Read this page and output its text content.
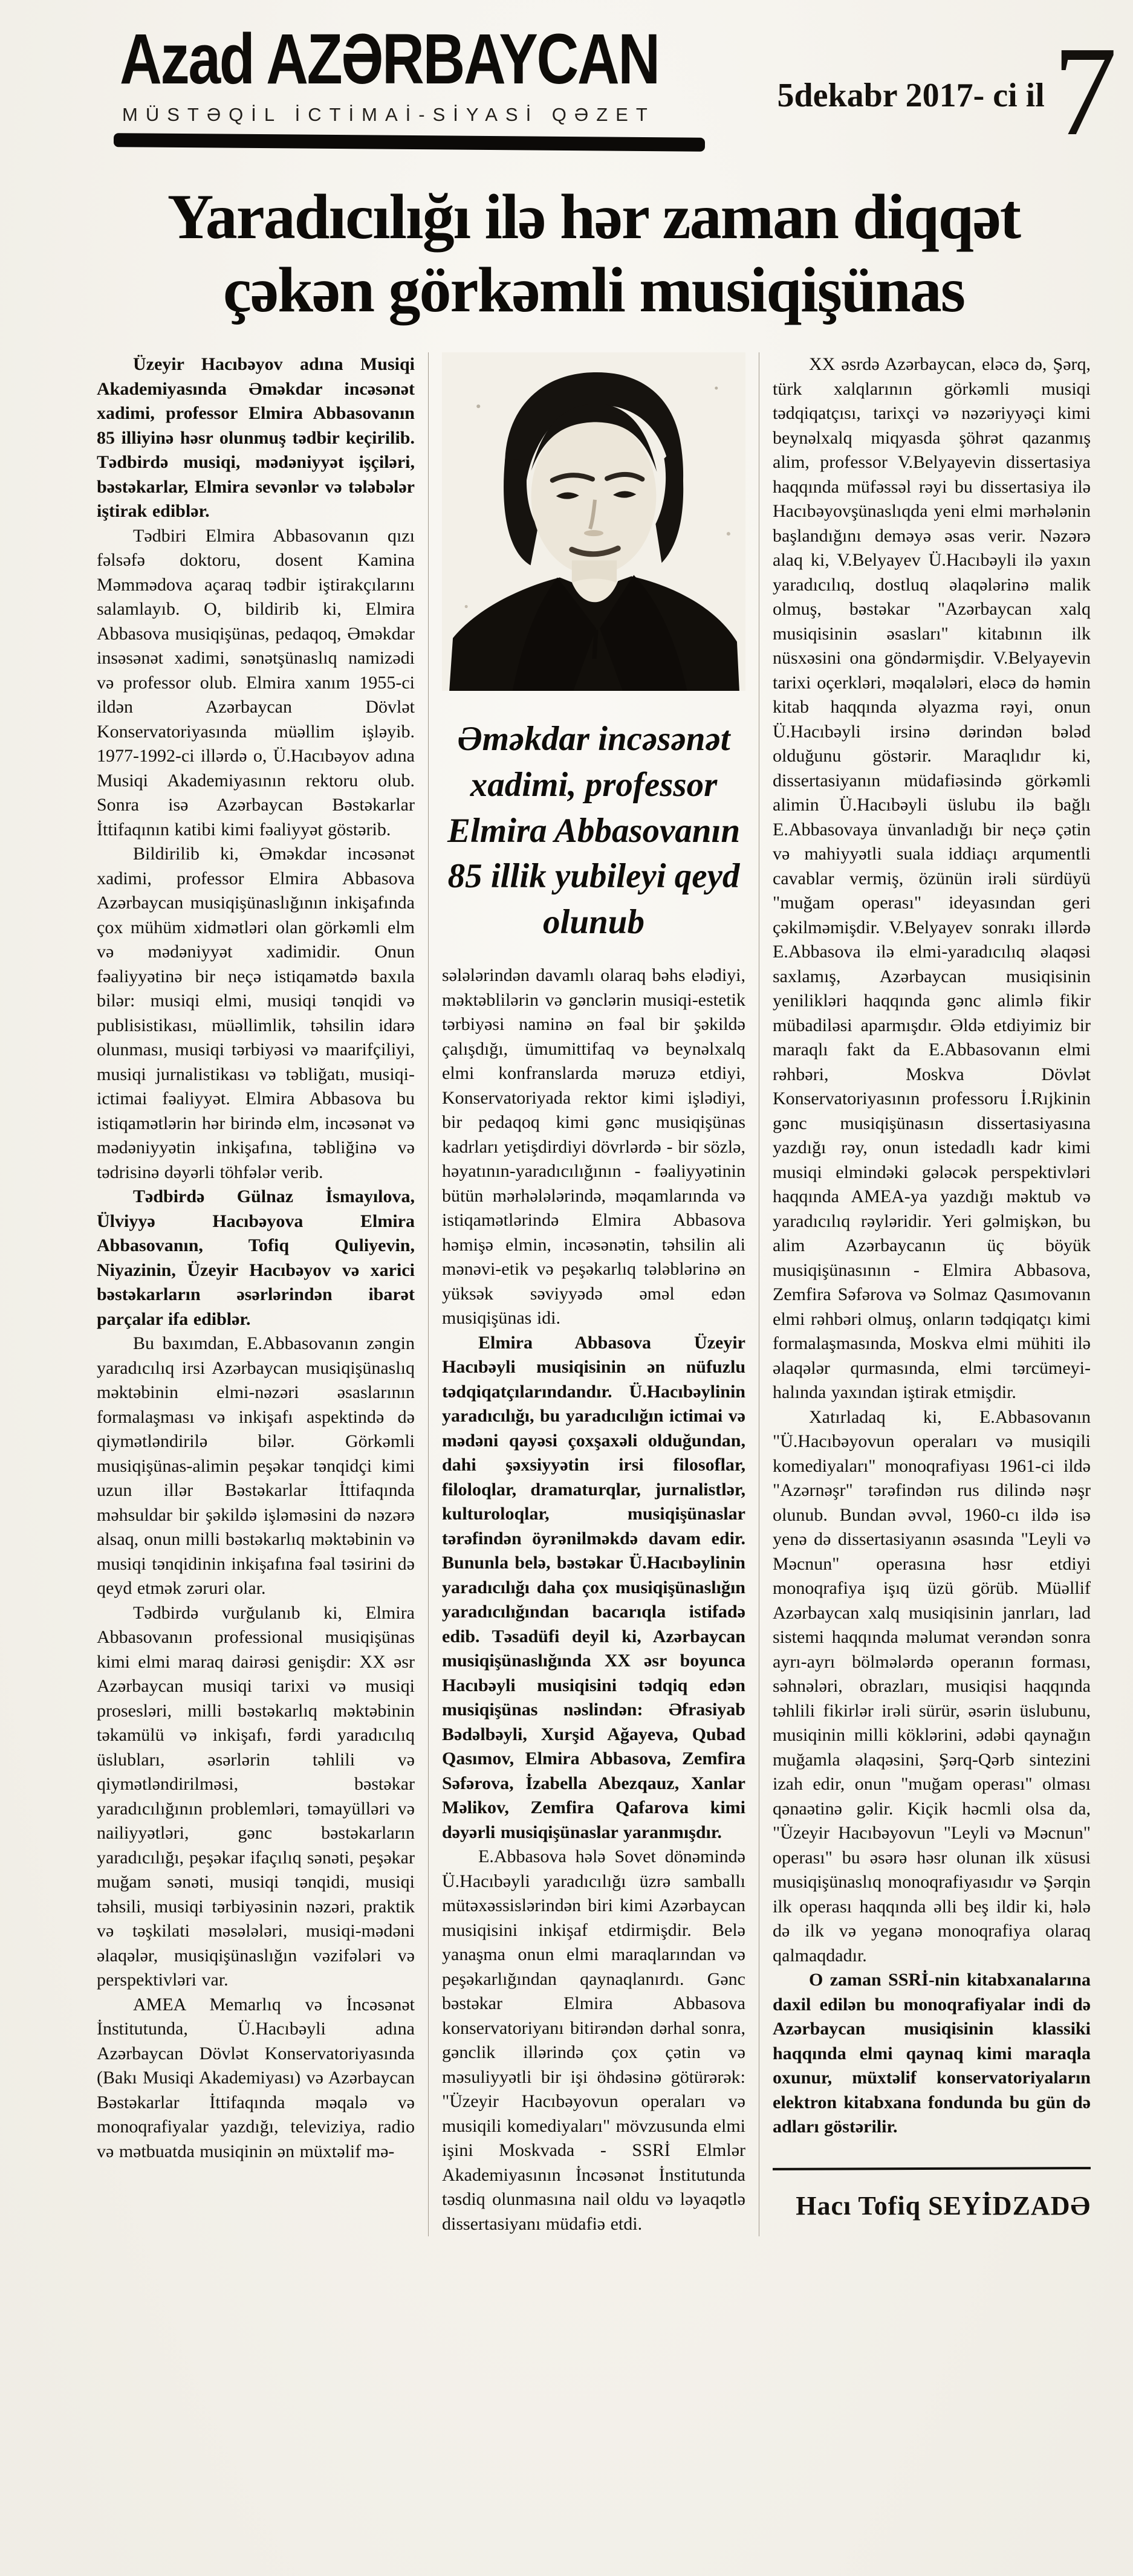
Azad AZƏRBAYCAN
MÜSTƏQİL İCTİMAİ-SİYASİ QƏZET
5dekabr 2017- ci il 7
Yaradıcılığı ilə hər zaman diqqət çəkən görkəmli musiqişünas

Üzeyir Hacıbəyov adına Musiqi Akademiyasında Əməkdar incəsənət xadimi, professor Elmira Abbasovanın 85 illiyinə həsr olunmuş tədbir keçirilib. Tədbirdə musiqi, mədəniyyət işçiləri, bəstəkarlar, Elmira sevənlər və tələbələr iştirak ediblər.

Tədbiri Elmira Abbasovanın qızı fəlsəfə doktoru, dosent Kamina Məmmədova açaraq tədbir iştirakçılarını salamlayıb. O, bildirib ki, Elmira Abbasova musiqişünas, pedaqoq, Əməkdar insəsənət xadimi, sənətşünaslıq namizədi və professor olub. Elmira xanım 1955-ci ildən Azərbaycan Dövlət Konservatoriyasında müəllim işləyib. 1977-1992-ci illərdə o, Ü.Hacıbəyov adına Musiqi Akademiyasının rektoru olub. Sonra isə Azərbaycan Bəstəkarlar İttifaqının katibi kimi fəaliyyət göstərib.

Bildirilib ki, Əməkdar incəsənət xadimi, professor Elmira Abbasova Azərbaycan musiqişünaslığının inkişafında çox mühüm xidmətləri olan görkəmli elm və mədəniyyət xadimidir. Onun fəaliyyətinə bir neçə istiqamətdə baxıla bilər: musiqi elmi, musiqi tənqidi və publisistikası, müəllimlik, təhsilin idarə olunması, musiqi tərbiyəsi və maarifçiliyi, musiqi jurnalistikası və təbliğatı, musiqi-ictimai fəaliyyət. Elmira Abbasova bu istiqamətlərin hər birində elm, incəsənət və mədəniyyətin inkişafına, təbliğinə və tədrisinə dəyərli töhfələr verib.

Tədbirdə Gülnaz İsmayılova, Ülviyyə Hacıbəyova Elmira Abbasovanın, Tofiq Quliyevin, Niyazinin, Üzeyir Hacıbəyov və xarici bəstəkarların əsərlərindən ibarət parçalar ifa ediblər.

Bu baxımdan, E.Abbasovanın zəngin yaradıcılıq irsi Azərbaycan musiqişünaslıq məktəbinin elmi-nəzəri əsaslarının formalaşması və inkişafı aspektində də qiymətləndirilə bilər. Görkəmli musiqişünas-alimin peşəkar tənqidçi kimi uzun illər Bəstəkarlar İttifaqında məhsuldar bir şəkildə işləməsini də nəzərə alsaq, onun milli bəstəkarlıq məktəbinin və musiqi tənqidinin inkişafına fəal təsirini də qeyd etmək zəruri olar.

Tədbirdə vurğulanıb ki, Elmira Abbasovanın professional musiqişünas kimi elmi maraq dairəsi genişdir: XX əsr Azərbaycan musiqi tarixi və musiqi prosesləri, milli bəstəkarlıq məktəbinin təkamülü və inkişafı, fərdi yaradıcılıq üslubları, əsərlərin təhlili və qiymətləndirilməsi, bəstəkar yaradıcılığının problemləri, təmayülləri və nailiyyətləri, gənc bəstəkarların yaradıcılığı, peşəkar ifaçılıq sənəti, peşəkar muğam sənəti, musiqi tənqidi, musiqi təhsili, musiqi tərbiyəsinin nəzəri, praktik və təşkilati məsələləri, musiqi-mədəni əlaqələr, musiqişünaslığın vəzifələri və perspektivləri var.

AMEA Memarlıq və İncəsənət İnstitutunda, Ü.Hacıbəyli adına Azərbaycan Dövlət Konservatoriyasında (Bakı Musiqi Akademiyası) və Azərbaycan Bəstəkarlar İttifaqında məqalə və monoqrafiyalar yazdığı, televiziya, radio və mətbuatda musiqinin ən müxtəlif mə-

Əməkdar incəsənət xadimi, professor Elmira Abbasovanın 85 illik yubileyi qeyd olunub

sələlərindən davamlı olaraq bəhs elədiyi, məktəblilərin və gənclərin musiqi-estetik tərbiyəsi naminə ən fəal bir şəkildə çalışdığı, ümumittifaq və beynəlxalq elmi konfranslarda məruzə etdiyi, Konservatoriyada rektor kimi işlədiyi, bir pedaqoq kimi gənc musiqişünas kadrları yetişdirdiyi dövrlərdə - bir sözlə, həyatının-yaradıcılığının - fəaliyyətinin bütün mərhələlərində, məqamlarında və istiqamətlərində Elmira Abbasova həmişə elmin, incəsənətin, təhsilin ali mənəvi-etik və peşəkarlıq tələblərinə ən yüksək səviyyədə əməl edən musiqişünas idi.

Elmira Abbasova Üzeyir Hacıbəyli musiqisinin ən nüfuzlu tədqiqatçılarındandır. Ü.Hacıbəylinin yaradıcılığı, bu yaradıcılığın ictimai və mədəni qayəsi çoxşaxəli olduğundan, dahi şəxsiyyətin irsi filosoflar, filoloqlar, dramaturqlar, jurnalistlər, kulturoloqlar, musiqişünaslar tərəfindən öyrənilməkdə davam edir. Bununla belə, bəstəkar Ü.Hacıbəylinin yaradıcılığı daha çox musiqişünaslığın yaradıcılığından bacarıqla istifadə edib. Təsadüfi deyil ki, Azərbaycan musiqişünaslığında XX əsr boyunca Hacıbəyli musiqisini tədqiq edən musiqişünas nəslindən: Əfrasiyab Bədəlbəyli, Xurşid Ağayeva, Qubad Qasımov, Elmira Abbasova, Zemfira Səfərova, İzabella Abezqauz, Xanlar Məlikov, Zemfira Qafarova kimi dəyərli musiqişünaslar yaranmışdır.

E.Abbasova hələ Sovet dönəmində Ü.Hacıbəyli yaradıcılığı üzrə samballı mütəxəssislərindən biri kimi Azərbaycan musiqisini inkişaf etdirmişdir. Belə yanaşma onun elmi maraqlarından və peşəkarlığından qaynaqlanırdı. Gənc bəstəkar Elmira Abbasova konservatoriyanı bitirəndən dərhal sonra, gənclik illərində çox çətin və məsuliyyətli bir işi öhdəsinə götürərək: "Üzeyir Hacıbəyovun operaları və musiqili komediyaları" mövzusunda elmi işini Moskvada - SSRİ Elmlər Akademiyasının İncəsənət İnstitutunda təsdiq olunmasına nail oldu və ləyaqətlə dissertasiyanı müdafiə etdi.

XX əsrdə Azərbaycan, eləcə də, Şərq, türk xalqlarının görkəmli musiqi tədqiqatçısı, tarixçi və nəzəriyyəçi kimi beynəlxalq miqyasda şöhrət qazanmış alim, professor V.Belyayevin dissertasiya haqqında müfəssəl rəyi bu dissertasiya ilə Hacıbəyovşünaslıqda yeni elmi mərhələnin başlandığını deməyə əsas verir. Nəzərə alaq ki, V.Belyayev Ü.Hacıbəyli ilə yaxın yaradıcılıq, dostluq əlaqələrinə malik olmuş, bəstəkar "Azərbaycan xalq musiqisinin əsasları" kitabının ilk nüsxəsini ona göndərmişdir. V.Belyayevin tarixi oçerkləri, məqalələri, eləcə də həmin kitab haqqında əlyazma rəyi, onun Ü.Hacıbəyli irsinə dərindən bələd olduğunu göstərir. Maraqlıdır ki, dissertasiyanın müdafiəsində görkəmli alimin Ü.Hacıbəyli üslubu ilə bağlı E.Abbasovaya ünvanladığı bir neçə çətin və mahiyyətli suala iddiaçı arqumentli cavablar vermiş, özünün irəli sürdüyü "muğam operası" ideyasından geri çəkilməmişdir. V.Belyayev sonrakı illərdə E.Abbasova ilə elmi-yaradıcılıq əlaqəsi saxlamış, Azərbaycan musiqisinin yenilikləri haqqında gənc alimlə fikir mübadiləsi aparmışdır. Əldə etdiyimiz bir maraqlı fakt da E.Abbasovanın elmi rəhbəri, Moskva Dövlət Konservatoriyasının professoru İ.Rıjkinin gənc musiqişünasın dissertasiyasına yazdığı rəy, onun istedadlı kadr kimi musiqi elmindəki gələcək perspektivləri haqqında AMEA-ya yazdığı məktub və yaradıcılıq rəyləridir. Yeri gəlmişkən, bu alim Azərbaycanın üç böyük musiqişünasının - Elmira Abbasova, Zemfira Səfərova və Solmaz Qasımovanın elmi rəhbəri olmuş, onların tədqiqatçı kimi formalaşmasında, Moskva elmi mühiti ilə əlaqələr qurmasında, elmi tərcümeyi-halında yaxından iştirak etmişdir.

Xatırladaq ki, E.Abbasovanın "Ü.Hacıbəyovun operaları və musiqili komediyaları" monoqrafiyası 1961-ci ildə "Azərnəşr" tərəfindən rus dilində nəşr olunub. Bundan əvvəl, 1960-cı ildə isə yenə də dissertasiyanın əsasında "Leyli və Məcnun" operasına həsr etdiyi monoqrafiya işıq üzü görüb. Müəllif Azərbaycan xalq musiqisinin janrları, lad sistemi haqqında məlumat verəndən sonra ayrı-ayrı bölmələrdə operanın forması, səhnələri, obrazları, musiqisi haqqında təhlili fikirlər irəli sürür, əsərin üslubunu, musiqinin milli köklərini, ədəbi qaynağın muğamla əlaqəsini, Şərq-Qərb sintezini izah edir, onun "muğam operası" olması qənaətinə gəlir. Kiçik həcmli olsa da, "Üzeyir Hacıbəyovun "Leyli və Məcnun" operası" bu əsərə həsr olunan ilk xüsusi musiqişünaslıq monoqrafiyasıdır və Şərqin ilk operası haqqında əlli beş ildir ki, hələ də ilk və yeganə monoqrafiya olaraq qalmaqdadır.

O zaman SSRİ-nin kitabxanalarına daxil edilən bu monoqrafiyalar indi də Azərbaycan musiqisinin klassiki haqqında elmi qaynaq kimi maraqla oxunur, müxtəlif konservatoriyaların elektron kitabxana fondunda bu gün də adları göstərilir.

Hacı Tofiq SEYİDZADƏ
